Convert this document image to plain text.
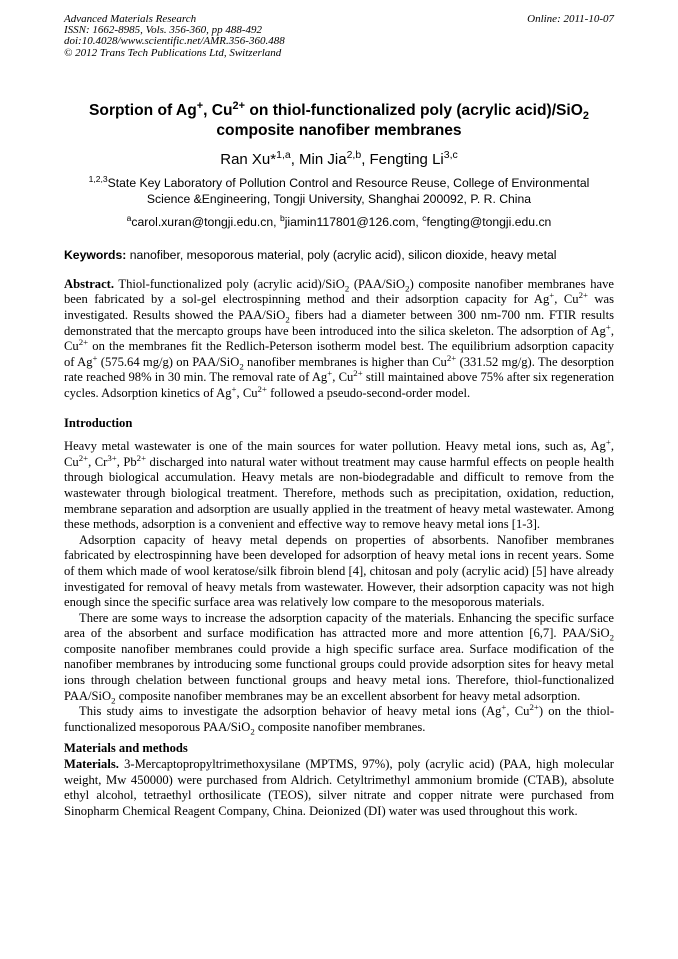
Advanced Materials Research
ISSN: 1662-8985, Vols. 356-360, pp 488-492
doi:10.4028/www.scientific.net/AMR.356-360.488
© 2012 Trans Tech Publications Ltd, Switzerland
Online: 2011-10-07
Sorption of Ag+, $Cu^{2+}$ on thiol-functionalized poly (acrylic acid)/SiO$_2$
composite nanofiber membranes
Ran Xu*$^{1,a}$, Min Jia$^{2,b}$, Fengting Li$^{3,c}$
$^{1,2,3}$State Key Laboratory of Pollution Control and Resource Reuse, College of Environmental
Science &Engineering, Tongji University, Shanghai 200092, P. R. China
$^a$carol.xuran@tongji.edu.cn, $^b$jiamin117801@126.com, $^c$fengting@tongji.edu.cn
Keywords: nanofiber, mesoporous material, poly (acrylic acid), silicon dioxide, heavy metal

Abstract. Thiol-functionalized poly (acrylic acid)/SiO$_2$ (PAA/SiO$_2$) composite nanofiber membranes have been fabricated by a sol-gel electrospinning method and their adsorption capacity for Ag+, $Cu^{2+}$ was investigated. Results showed the PAA/SiO$_2$ fibers had a diameter between 300 nm-700 nm. FTIR results demonstrated that the mercapto groups have been introduced into the silica skeleton. The adsorption of Ag+, $Cu^{2+}$ on the membranes fit the Redlich-Peterson isotherm model best. The equilibrium adsorption capacity of Ag+ (575.64 mg/g) on PAA/SiO$_2$ nanofiber membranes is higher than $Cu^{2+}$ (331.52 mg/g). The desorption rate reached 98% in 30 min. The removal rate of Ag+, $Cu^{2+}$ still maintained above 75% after six regeneration cycles. Adsorption kinetics of Ag+, $Cu^{2+}$ followed a pseudo-second-order model.

Introduction

Heavy metal wastewater is one of the main sources for water pollution. Heavy metal ions, such as, Ag+, $Cu^{2+}$, $Cr^{3+}$, $Pb^{2+}$ discharged into natural water without treatment may cause harmful effects on people health through biological accumulation. Heavy metals are non-biodegradable and difficult to remove from the wastewater through biological treatment. Therefore, methods such as precipitation, oxidation, reduction, membrane separation and adsorption are usually applied in the treatment of heavy metal wastewater. Among these methods, adsorption is a convenient and effective way to remove heavy metal ions [1-3].

Adsorption capacity of heavy metal depends on properties of absorbents. Nanofiber membranes fabricated by electrospinning have been developed for adsorption of heavy metal ions in recent years. Some of them which made of wool keratose/silk fibroin blend [4], chitosan and poly (acrylic acid) [5] have already investigated for removal of heavy metals from wastewater. However, their adsorption capacity was not high enough since the specific surface area was relatively low compare to the mesoporous materials.

There are some ways to increase the adsorption capacity of the materials. Enhancing the specific surface area of the absorbent and surface modification has attracted more and more attention [6,7]. PAA/SiO$_2$ composite nanofiber membranes could provide a high specific surface area. Surface modification of the nanofiber membranes by introducing some functional groups could provide adsorption sites for heavy metal ions through chelation between functional groups and heavy metal ions. Therefore, thiol-functionalized PAA/SiO$_2$ composite nanofiber membranes may be an excellent absorbent for heavy metal adsorption.

This study aims to investigate the adsorption behavior of heavy metal ions (Ag+, $Cu^{2+}$) on the thiol-functionalized mesoporous PAA/SiO$_2$ composite nanofiber membranes.

Materials and methods

Materials. 3-Mercaptopropyltrimethoxysilane (MPTMS, 97%), poly (acrylic acid) (PAA, high molecular weight, Mw 450000) were purchased from Aldrich. Cetyltrimethyl ammonium bromide (CTAB), absolute ethyl alcohol, tetraethyl orthosilicate (TEOS), silver nitrate and copper nitrate were purchased from Sinopharm Chemical Reagent Company, China. Deionized (DI) water was used throughout this work.
